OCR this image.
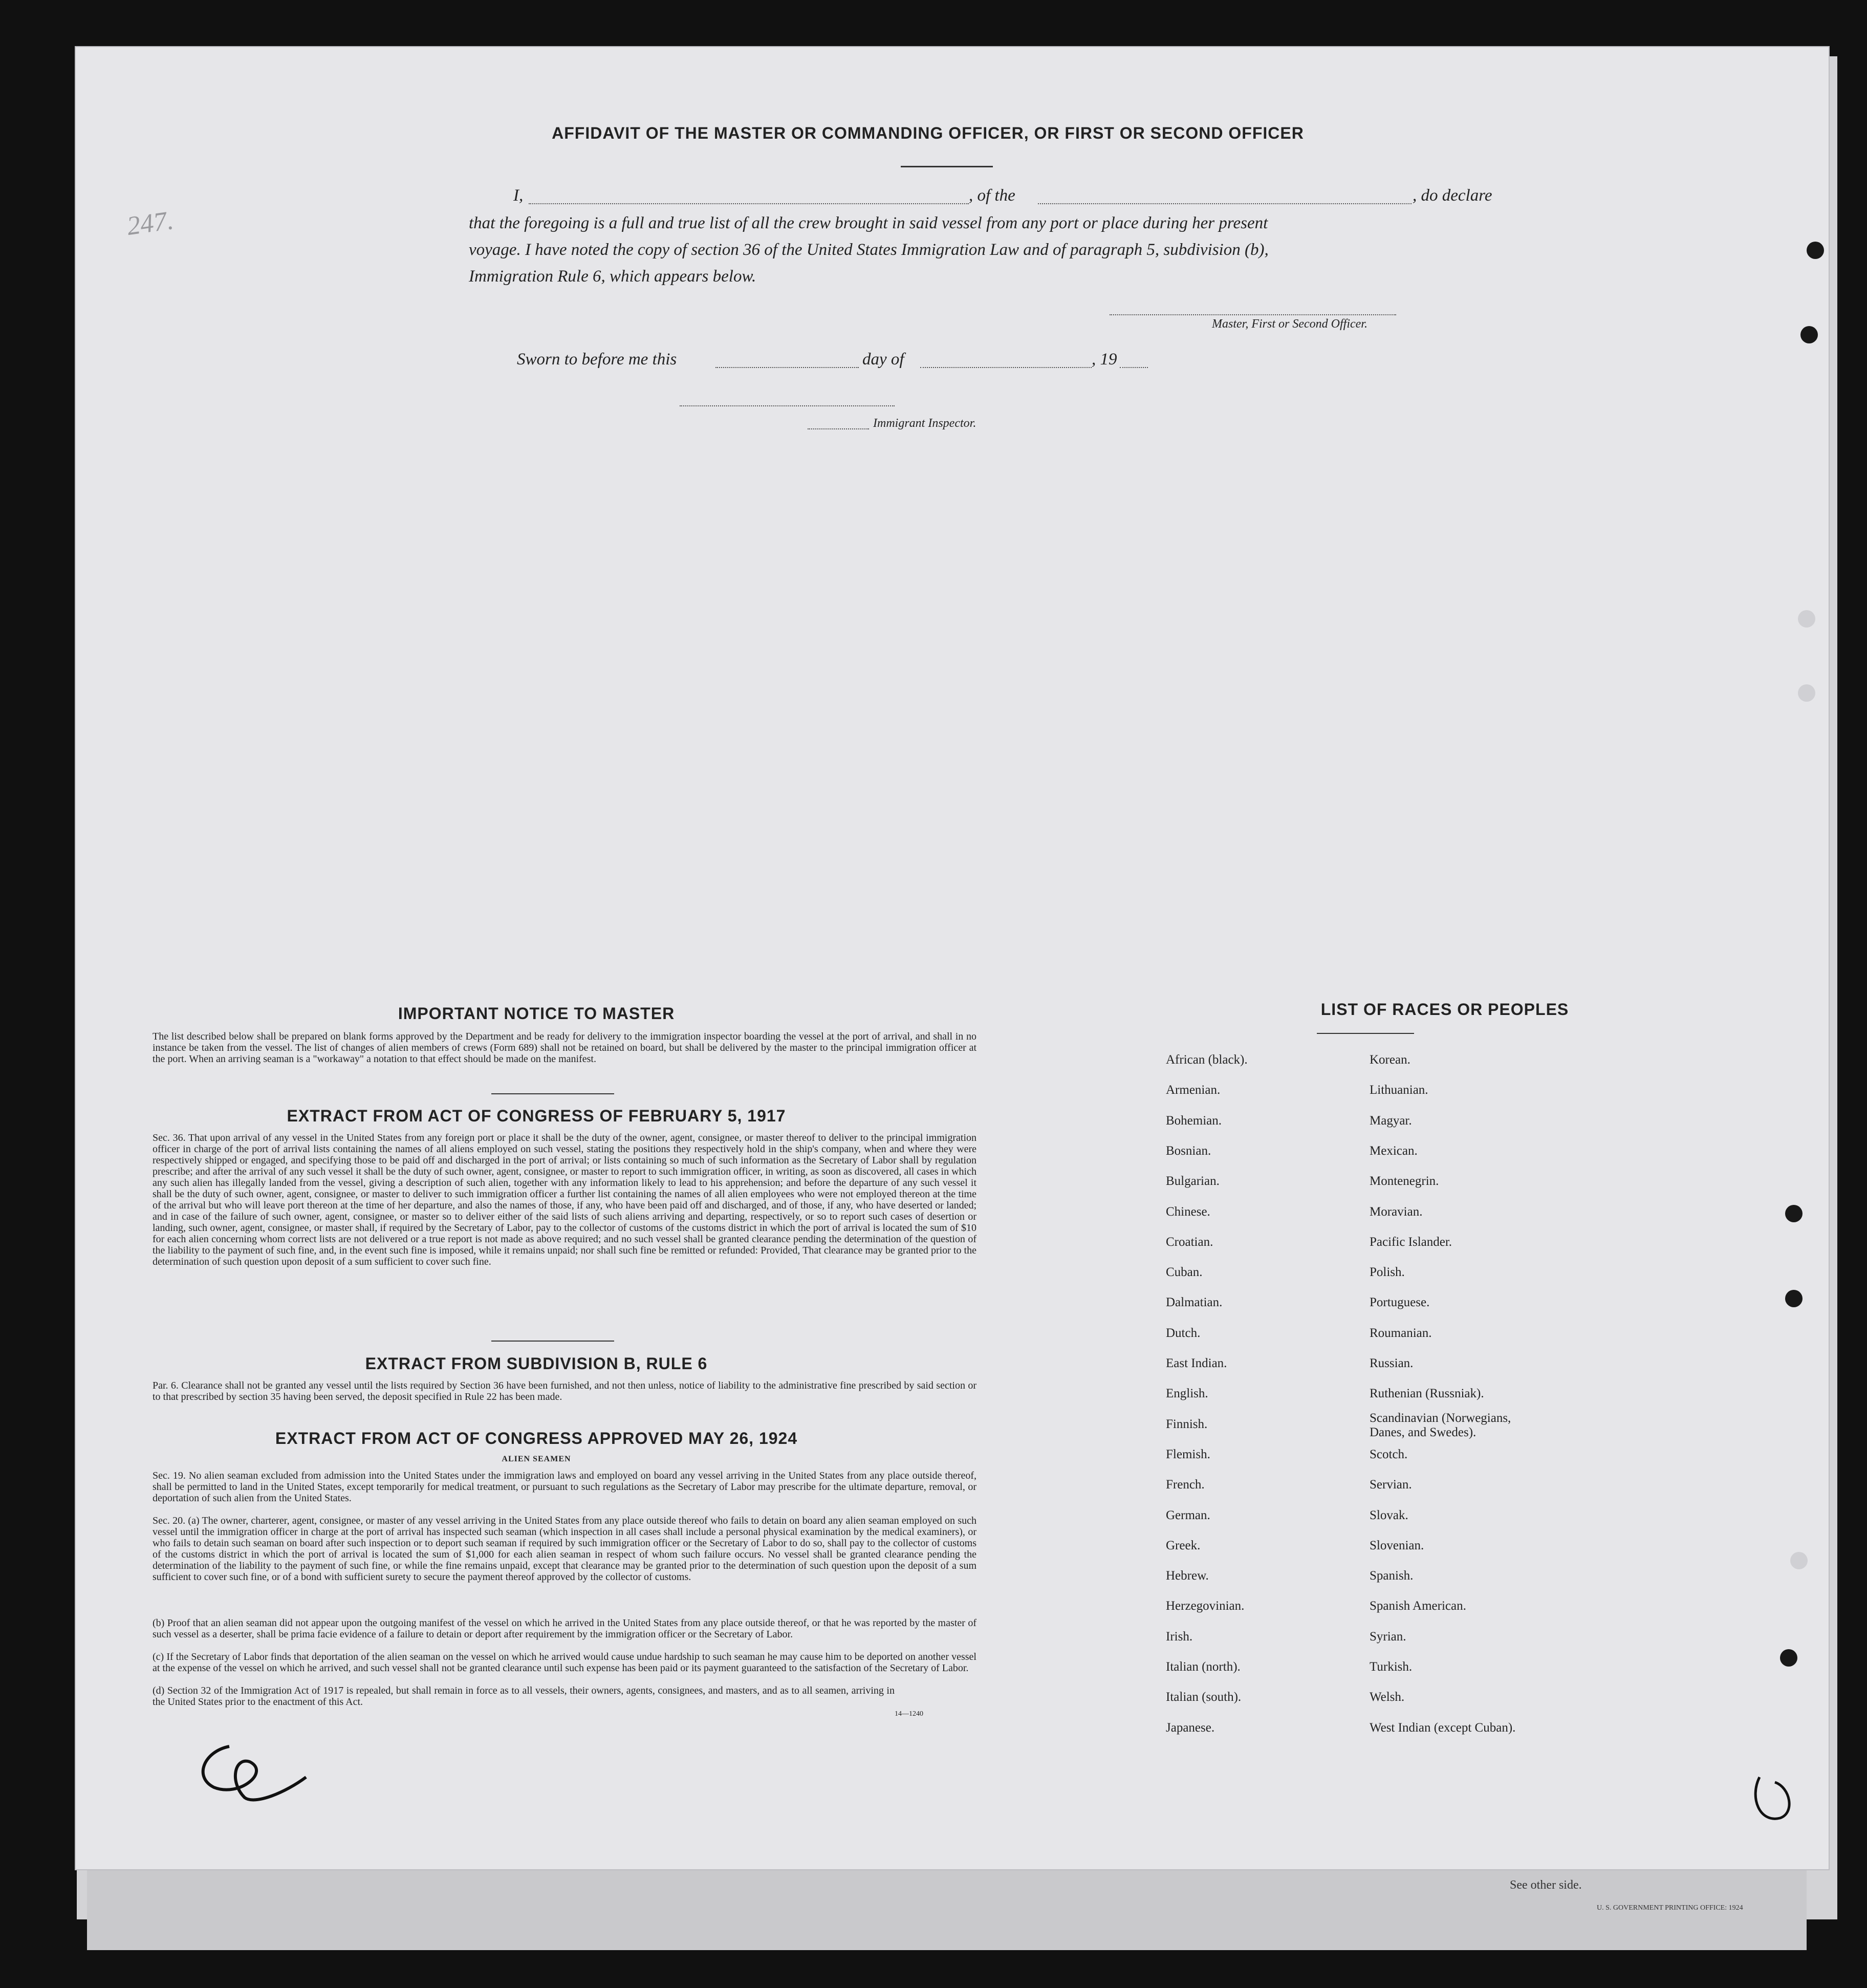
See other side.
U. S. GOVERNMENT PRINTING OFFICE: 1924
247.
AFFIDAVIT OF THE MASTER OR COMMANDING OFFICER, OR FIRST OR SECOND OFFICER
I,	, of the	, do declare
that the foregoing is a full and true list of all the crew brought in said vessel from any port or place during her present
voyage. I have noted the copy of section 36 of the United States Immigration Law and of paragraph 5, subdivision (b),
Immigration Rule 6, which appears below.
Master, First or Second Officer.
Sworn to before me this	day of	, 19
Immigrant Inspector.
IMPORTANT NOTICE TO MASTER
The list described below shall be prepared on blank forms approved by the Department and be ready for delivery to the immigration inspector boarding the vessel at the port of arrival, and shall in no instance be taken from the vessel. The list of changes of alien members of crews (Form 689) shall not be retained on board, but shall be delivered by the master to the principal immigration officer at the port. When an arriving seaman is a "workaway" a notation to that effect should be made on the manifest.
EXTRACT FROM ACT OF CONGRESS OF FEBRUARY 5, 1917
Sec. 36. That upon arrival of any vessel in the United States from any foreign port or place it shall be the duty of the owner, agent, consignee, or master thereof to deliver to the principal immigration officer in charge of the port of arrival lists containing the names of all aliens employed on such vessel, stating the positions they respectively hold in the ship's company, when and where they were respectively shipped or engaged, and specifying those to be paid off and discharged in the port of arrival; or lists containing so much of such information as the Secretary of Labor shall by regulation prescribe; and after the arrival of any such vessel it shall be the duty of such owner, agent, consignee, or master to report to such immigration officer, in writing, as soon as discovered, all cases in which any such alien has illegally landed from the vessel, giving a description of such alien, together with any information likely to lead to his apprehension; and before the departure of any such vessel it shall be the duty of such owner, agent, consignee, or master to deliver to such immigration officer a further list containing the names of all alien employees who were not employed thereon at the time of the arrival but who will leave port thereon at the time of her departure, and also the names of those, if any, who have been paid off and discharged, and of those, if any, who have deserted or landed; and in case of the failure of such owner, agent, consignee, or master so to deliver either of the said lists of such aliens arriving and departing, respectively, or so to report such cases of desertion or landing, such owner, agent, consignee, or master shall, if required by the Secretary of Labor, pay to the collector of customs of the customs district in which the port of arrival is located the sum of $10 for each alien concerning whom correct lists are not delivered or a true report is not made as above required; and no such vessel shall be granted clearance pending the determination of the question of the liability to the payment of such fine, and, in the event such fine is imposed, while it remains unpaid; nor shall such fine be remitted or refunded: Provided, That clearance may be granted prior to the determination of such question upon deposit of a sum sufficient to cover such fine.
EXTRACT FROM SUBDIVISION B, RULE 6
Par. 6. Clearance shall not be granted any vessel until the lists required by Section 36 have been furnished, and not then unless, notice of liability to the administrative fine prescribed by said section or to that prescribed by section 35 having been served, the deposit specified in Rule 22 has been made.
EXTRACT FROM ACT OF CONGRESS APPROVED MAY 26, 1924
ALIEN SEAMEN
Sec. 19. No alien seaman excluded from admission into the United States under the immigration laws and employed on board any vessel arriving in the United States from any place outside thereof, shall be permitted to land in the United States, except temporarily for medical treatment, or pursuant to such regulations as the Secretary of Labor may prescribe for the ultimate departure, removal, or deportation of such alien from the United States.
Sec. 20. (a) The owner, charterer, agent, consignee, or master of any vessel arriving in the United States from any place outside thereof who fails to detain on board any alien seaman employed on such vessel until the immigration officer in charge at the port of arrival has inspected such seaman (which inspection in all cases shall include a personal physical examination by the medical examiners), or who fails to detain such seaman on board after such inspection or to deport such seaman if required by such immigration officer or the Secretary of Labor to do so, shall pay to the collector of customs of the customs district in which the port of arrival is located the sum of $1,000 for each alien seaman in respect of whom such failure occurs. No vessel shall be granted clearance pending the determination of the liability to the payment of such fine, or while the fine remains unpaid, except that clearance may be granted prior to the determination of such question upon the deposit of a sum sufficient to cover such fine, or of a bond with sufficient surety to secure the payment thereof approved by the collector of customs.
(b) Proof that an alien seaman did not appear upon the outgoing manifest of the vessel on which he arrived in the United States from any place outside thereof, or that he was reported by the master of such vessel as a deserter, shall be prima facie evidence of a failure to detain or deport after requirement by the immigration officer or the Secretary of Labor.
(c) If the Secretary of Labor finds that deportation of the alien seaman on the vessel on which he arrived would cause undue hardship to such seaman he may cause him to be deported on another vessel at the expense of the vessel on which he arrived, and such vessel shall not be granted clearance until such expense has been paid or its payment guaranteed to the satisfaction of the Secretary of Labor.
(d) Section 32 of the Immigration Act of 1917 is repealed, but shall remain in force as to all vessels, their owners, agents, consignees, and masters, and as to all seamen, arriving in the United States prior to the enactment of this Act.
14—1240
LIST OF RACES OR PEOPLES
African (black).
Armenian.
Bohemian.
Bosnian.
Bulgarian.
Chinese.
Croatian.
Cuban.
Dalmatian.
Dutch.
East Indian.
English.
Finnish.
Flemish.
French.
German.
Greek.
Hebrew.
Herzegovinian.
Irish.
Italian (north).
Italian (south).
Japanese.
Korean.
Lithuanian.
Magyar.
Mexican.
Montenegrin.
Moravian.
Pacific Islander.
Polish.
Portuguese.
Roumanian.
Russian.
Ruthenian (Russniak).
Scandinavian (Norwegians,
Danes, and Swedes).
Scotch.
Servian.
Slovak.
Slovenian.
Spanish.
Spanish American.
Syrian.
Turkish.
Welsh.
West Indian (except Cuban).
